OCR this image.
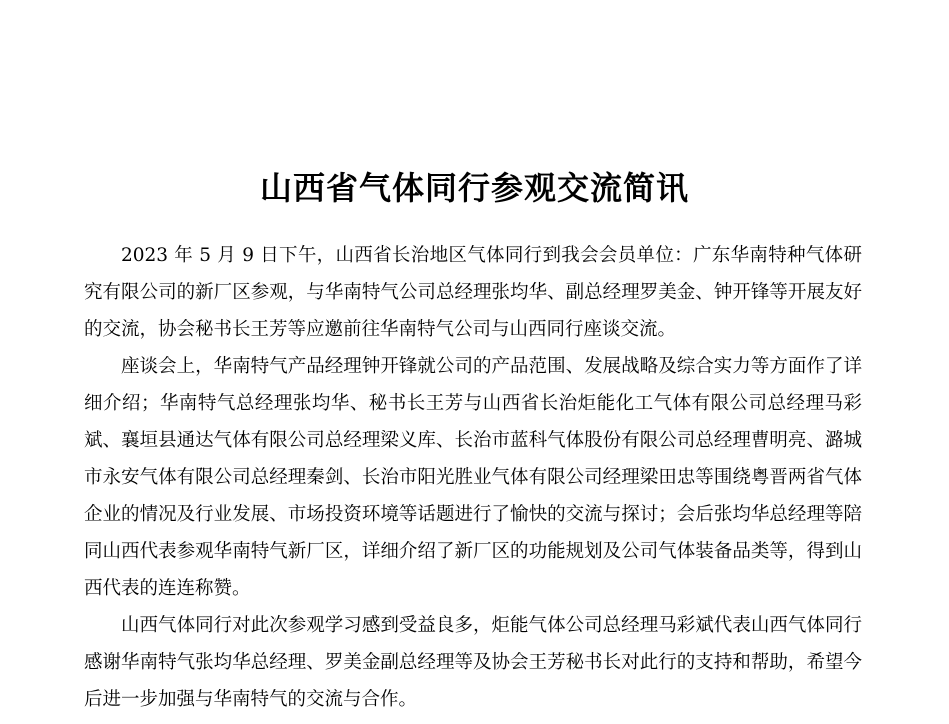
山西省气体同行参观交流简讯

2023 年 5 月 9 日下午，山西省长治地区气体同行到我会会员单位：广东华南特种气体研究有限公司的新厂区参观，与华南特气公司总经理张均华、副总经理罗美金、钟开锋等开展友好的交流，协会秘书长王芳等应邀前往华南特气公司与山西同行座谈交流。

座谈会上，华南特气产品经理钟开锋就公司的产品范围、发展战略及综合实力等方面作了详细介绍；华南特气总经理张均华、秘书长王芳与山西省长治炬能化工气体有限公司总经理马彩斌、襄垣县通达气体有限公司总经理梁义库、长治市蓝科气体股份有限公司总经理曹明亮、潞城市永安气体有限公司总经理秦剑、长治市阳光胜业气体有限公司经理梁田忠等围绕粤晋两省气体企业的情况及行业发展、市场投资环境等话题进行了愉快的交流与探讨；会后张均华总经理等陪同山西代表参观华南特气新厂区，详细介绍了新厂区的功能规划及公司气体装备品类等，得到山西代表的连连称赞。

山西气体同行对此次参观学习感到受益良多，炬能气体公司总经理马彩斌代表山西气体同行感谢华南特气张均华总经理、罗美金副总经理等及协会王芳秘书长对此行的支持和帮助，希望今后进一步加强与华南特气的交流与合作。
